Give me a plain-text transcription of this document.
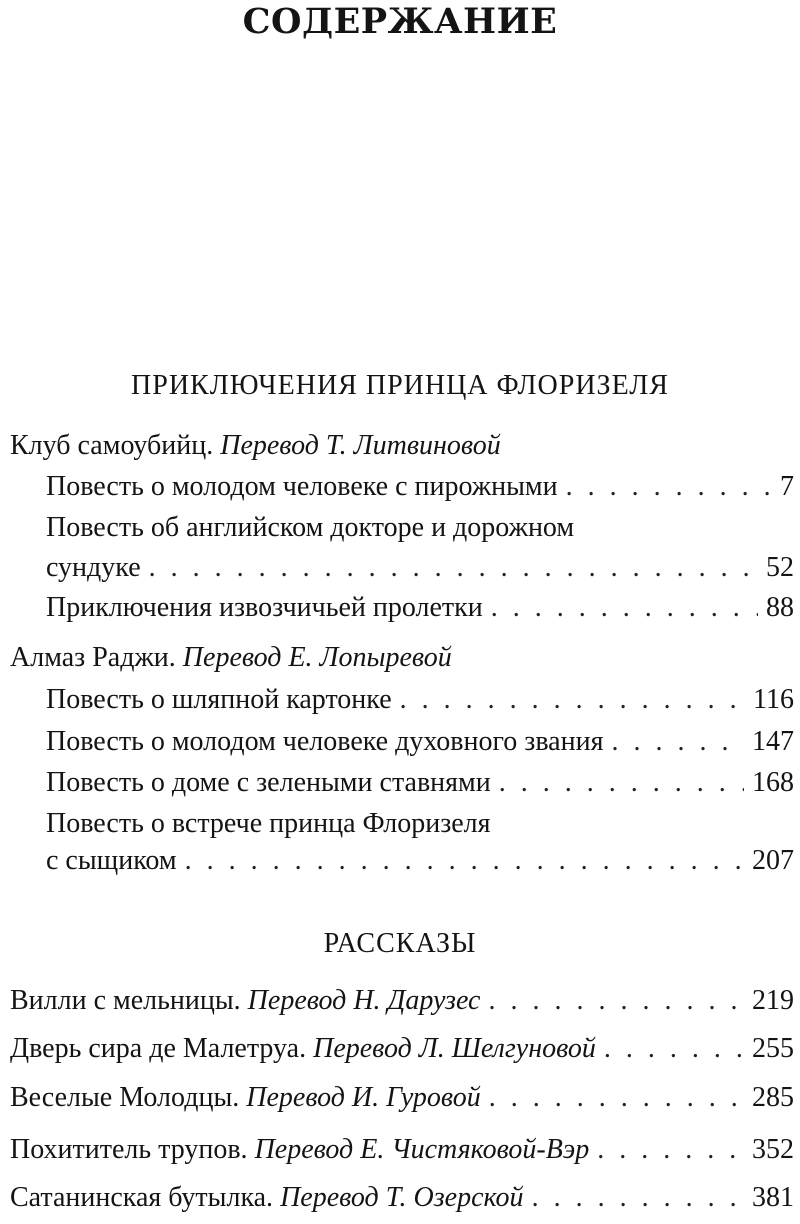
СОДЕРЖАНИЕ
ПРИКЛЮЧЕНИЯ ПРИНЦА ФЛОРИЗЕЛЯ
Клуб самоубийц. Перевод Т. Литвиновой
Повесть о молодом человеке с пирожными . . .	7
Повесть об английском докторе и дорожном
сундуке . . .	52
Приключения извозчичьей пролетки . . .	88
Алмаз Раджи. Перевод Е. Лопыревой
Повесть о шляпной картонке . . .	116
Повесть о молодом человеке духовного звания . . .	147
Повесть о доме с зелеными ставнями . . .	168
Повесть о встрече принца Флоризеля
с сыщиком . . .	207
РАССКАЗЫ
Вилли с мельницы. Перевод Н. Дарузес . . .	219
Дверь сира де Малетруа. Перевод Л. Шелгуновой . . .	255
Веселые Молодцы. Перевод И. Гуровой . . .	285
Похититель трупов. Перевод Е. Чистяковой-Вэр . . .	352
Сатанинская бутылка. Перевод Т. Озерской . . .	381
